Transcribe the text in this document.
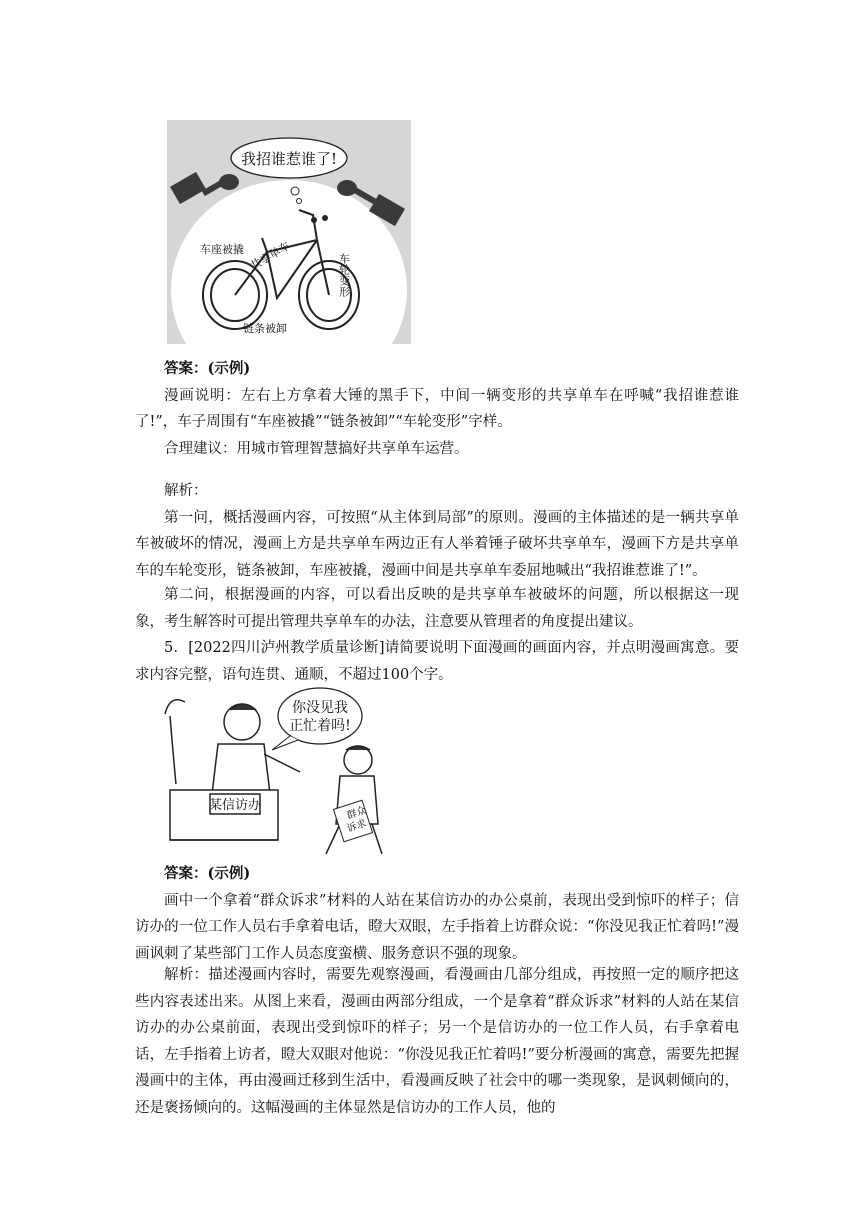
我招谁惹谁了!
车座被撬 共享单车	车轮变形
链条被卸

答案：(示例)

漫画说明：左右上方拿着大锤的黑手下，中间一辆变形的共享单车在呼喊“我招谁惹谁了!”，车子周围有“车座被撬”“链条被卸”“车轮变形”字样。

合理建议：用城市管理智慧搞好共享单车运营。

解析：

第一问，概括漫画内容，可按照“从主体到局部”的原则。漫画的主体描述的是一辆共享单车被破坏的情况，漫画上方是共享单车两边正有人举着锤子破坏共享单车，漫画下方是共享单车的车轮变形，链条被卸，车座被撬，漫画中间是共享单车委屈地喊出“我招谁惹谁了!”。

第二问，根据漫画的内容，可以看出反映的是共享单车被破坏的问题，所以根据这一现象，考生解答时可提出管理共享单车的办法，注意要从管理者的角度提出建议。

5．[2022四川泸州教学质量诊断]请简要说明下面漫画的画面内容，并点明漫画寓意。要求内容完整，语句连贯、通顺，不超过100个字。

你没见我
正忙着吗!
某信访办	群众
诉求

答案：(示例)

画中一个拿着“群众诉求”材料的人站在某信访办的办公桌前，表现出受到惊吓的样子；信访办的一位工作人员右手拿着电话，瞪大双眼，左手指着上访群众说：“你没见我正忙着吗!”漫画讽刺了某些部门工作人员态度蛮横、服务意识不强的现象。

解析：描述漫画内容时，需要先观察漫画，看漫画由几部分组成，再按照一定的顺序把这些内容表述出来。从图上来看，漫画由两部分组成，一个是拿着“群众诉求”材料的人站在某信访办的办公桌前面，表现出受到惊吓的样子；另一个是信访办的一位工作人员，右手拿着电话，左手指着上访者，瞪大双眼对他说：“你没见我正忙着吗!”要分析漫画的寓意，需要先把握漫画中的主体，再由漫画迁移到生活中，看漫画反映了社会中的哪一类现象，是讽刺倾向的，还是褒扬倾向的。这幅漫画的主体显然是信访办的工作人员，他的
